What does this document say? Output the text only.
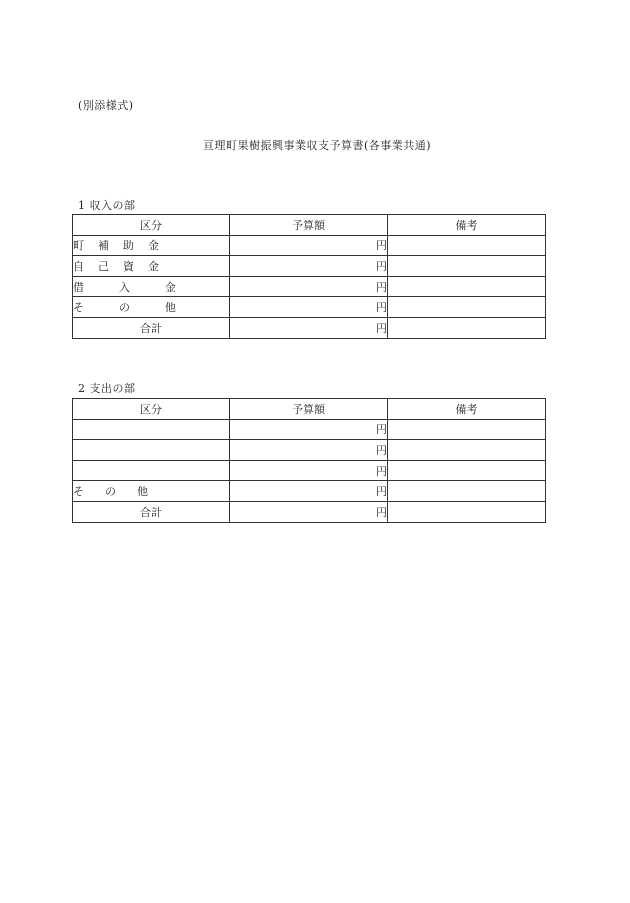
(別添様式)
亘理町果樹振興事業収支予算書(各事業共通)
1 収入の部
区分	予算額	備考
町    補    助    金	円	
自    己    資    金	円	
借          入          金	円	
そ          の          他	円	
合計	円	
2 支出の部
区分	予算額	備考
	円	
	円	
	円	
そ      の      他	円	
合計	円	
